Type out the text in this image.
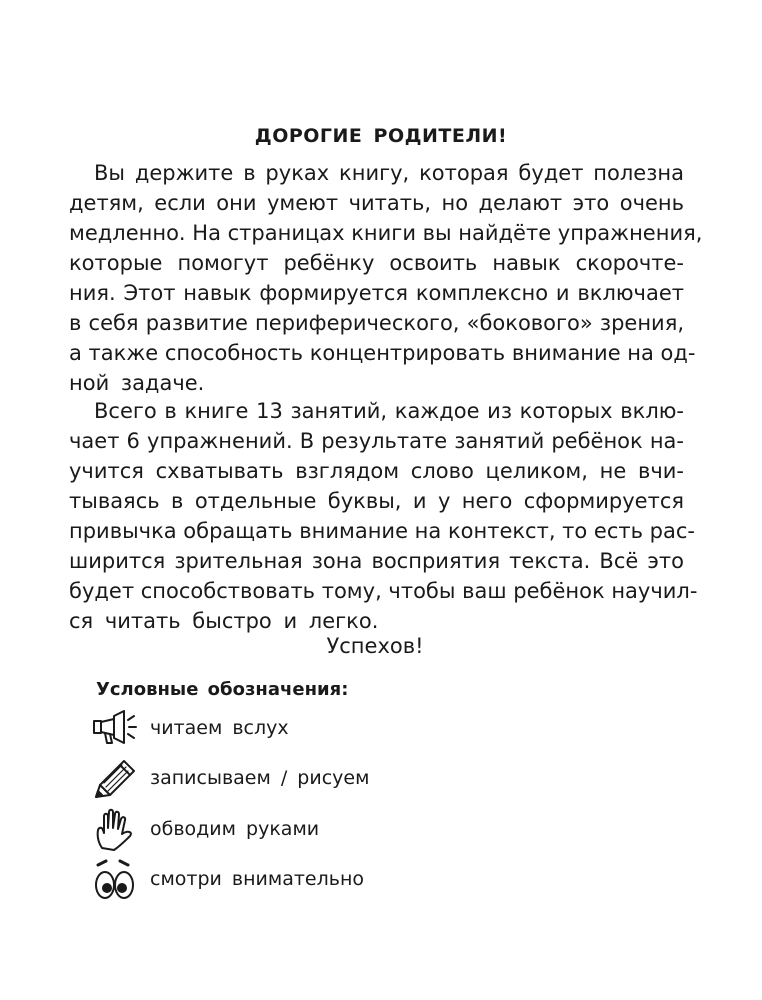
ДОРОГИЕ РОДИТЕЛИ!
Вы держите в руках книгу, которая будет полезна
детям, если они умеют читать, но делают это очень
медленно. На страницах книги вы найдёте упражнения,
которые помогут ребёнку освоить навык скорочте-
ния. Этот навык формируется комплексно и включает
в себя развитие периферического, «бокового» зрения,
а также способность концентрировать внимание на од-
ной задаче.
Всего в книге 13 занятий, каждое из которых вклю-
чает 6 упражнений. В результате занятий ребёнок на-
учится схватывать взглядом слово целиком, не вчи-
тываясь в отдельные буквы, и у него сформируется
привычка обращать внимание на контекст, то есть рас-
ширится зрительная зона восприятия текста. Всё это
будет способствовать тому, чтобы ваш ребёнок научил-
ся читать быстро и легко.
Успехов!
Условные обозначения:
читаем вслух
записываем / рисуем
обводим руками
смотри внимательно
